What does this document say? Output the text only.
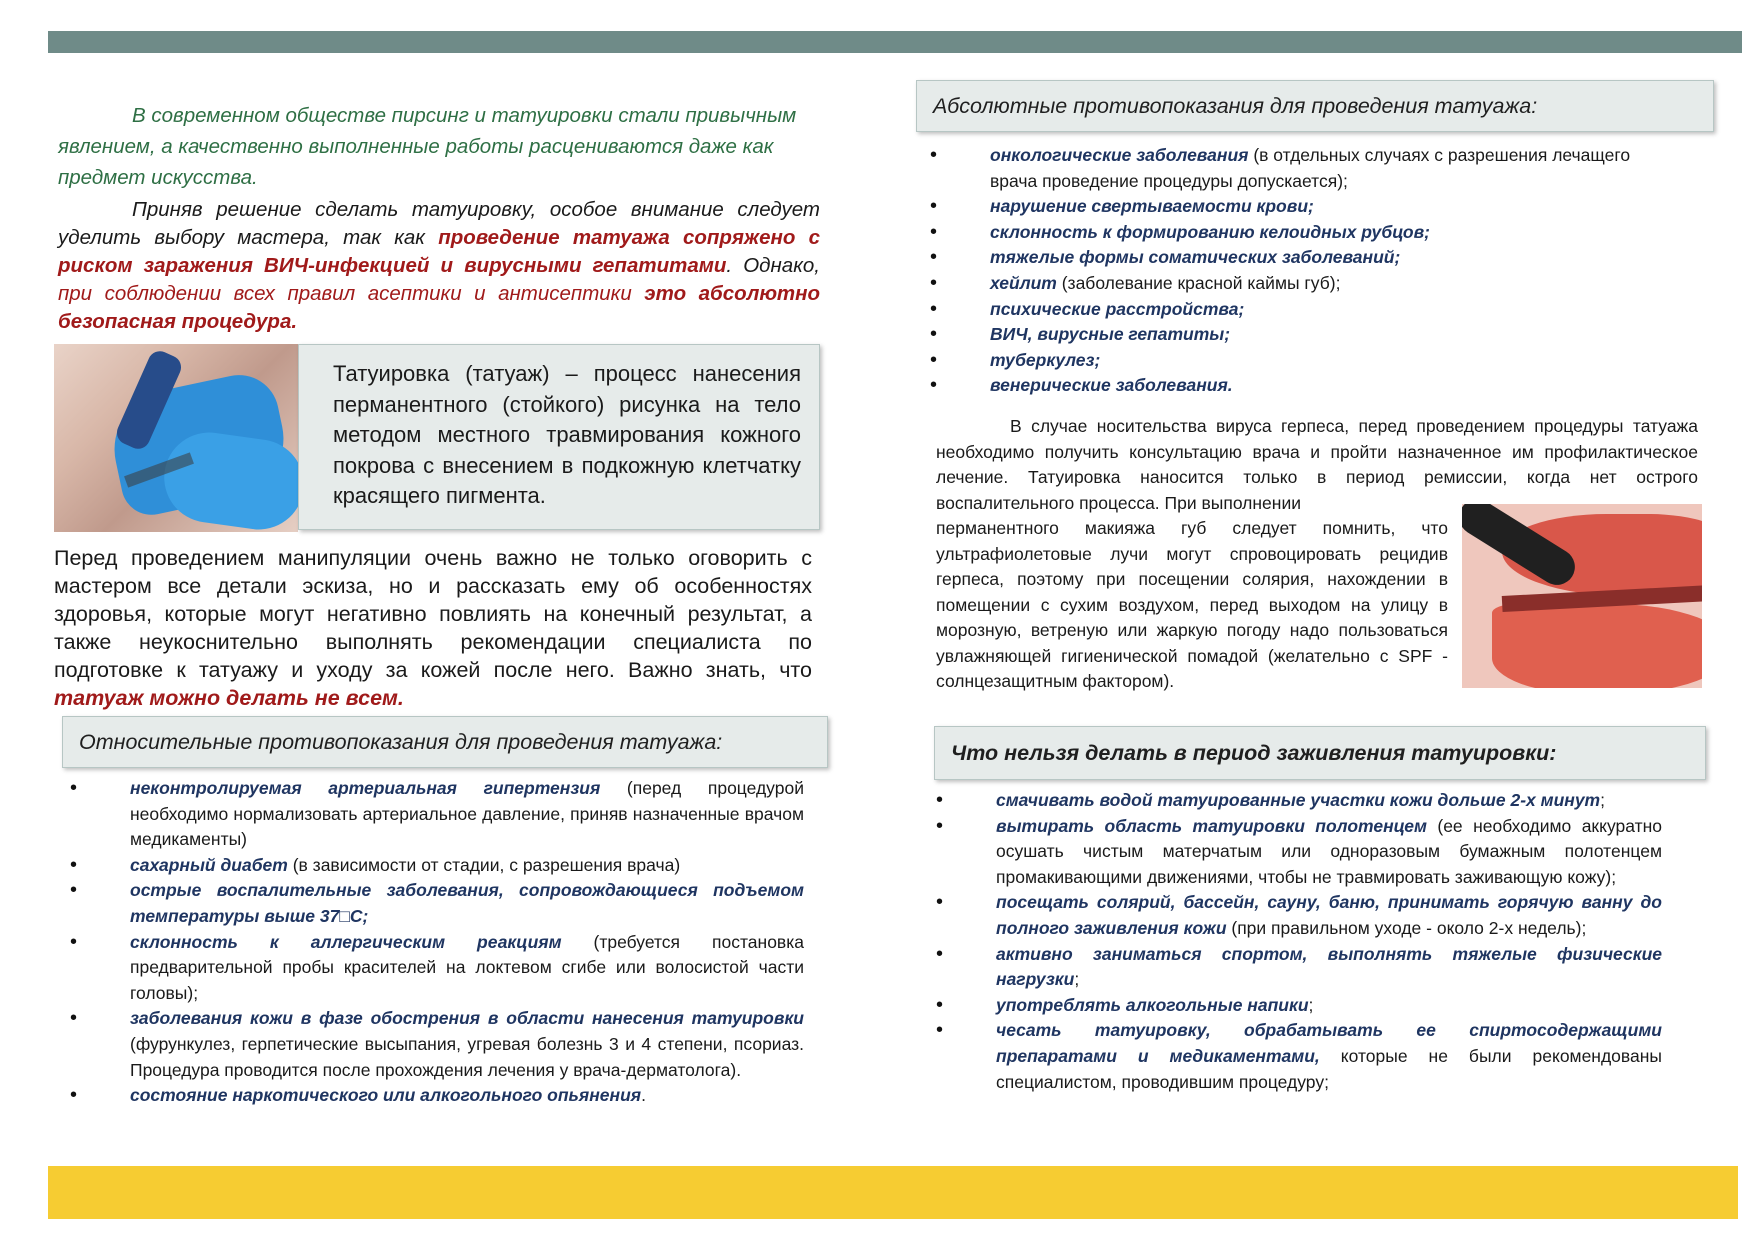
В современном обществе пирсинг и татуировки стали привычным явлением, а качественно выполненные работы расцениваются даже как предмет искусства.

Приняв решение сделать татуировку, особое внимание следует уделить выбору мастера, так как проведение татуажа сопряжено с риском заражения ВИЧ-инфекцией и вирусными гепатитами. Однако, при соблюдении всех правил асептики и антисептики это абсолютно безопасная процедура.

Татуировка (татуаж) – процесс нанесения перманентного (стойкого) рисунка на тело методом местного травмирования кожного покрова с внесением в подкожную клетчатку красящего пигмента.

Перед проведением манипуляции очень важно не только оговорить с мастером все детали эскиза, но и рассказать ему об особенностях здоровья, которые могут негативно повлиять на конечный результат, а также неукоснительно выполнять рекомендации специалиста по подготовке к татуажу и уходу за кожей после него. Важно знать, что татуаж можно делать не всем.

Относительные противопоказания для проведения татуажа:
• неконтролируемая артериальная гипертензия (перед процедурой необходимо нормализовать артериальное давление, приняв назначенные врачом медикаменты)
• сахарный диабет (в зависимости от стадии, с разрешения врача)
• острые воспалительные заболевания, сопровождающиеся подъемом температуры выше 37□С;
• склонность к аллергическим реакциям (требуется постановка предварительной пробы красителей на локтевом сгибе или волосистой части головы);
• заболевания кожи в фазе обострения в области нанесения татуировки (фурункулез, герпетические высыпания, угревая болезнь 3 и 4 степени, псориаз. Процедура проводится после прохождения лечения у врача-дерматолога).
• состояние наркотического или алкогольного опьянения.
Абсолютные противопоказания для проведения татуажа:
• онкологические заболевания (в отдельных случаях с разрешения лечащего врача проведение процедуры допускается);
• нарушение свертываемости крови;
• склонность к формированию келоидных рубцов;
• тяжелые формы соматических заболеваний;
• хейлит (заболевание красной каймы губ);
• психические расстройства;
• ВИЧ, вирусные гепатиты;
• туберкулез;
• венерические заболевания.

В случае носительства вируса герпеса, перед проведением процедуры татуажа необходимо получить консультацию врача и пройти назначенное им профилактическое лечение. Татуировка наносится только в период ремиссии, когда нет острого воспалительного процесса. При выполнении

перманентного макияжа губ следует помнить, что ультрафиолетовые лучи могут спровоцировать рецидив герпеса, поэтому при посещении солярия, нахождении в помещении с сухим воздухом, перед выходом на улицу в морозную, ветреную или жаркую погоду надо пользоваться увлажняющей гигиенической помадой (желательно с SPF - солнцезащитным фактором).

Что нельзя делать в период заживления татуировки:
• смачивать водой татуированные участки кожи дольше 2-х минут;
• вытирать область татуировки полотенцем (ее необходимо аккуратно осушать чистым матерчатым или одноразовым бумажным полотенцем промакивающими движениями, чтобы не травмировать заживающую кожу);
• посещать солярий, бассейн, сауну, баню, принимать горячую ванну до полного заживления кожи (при правильном уходе - около 2-х недель);
• активно заниматься спортом, выполнять тяжелые физические нагрузки;
• употреблять алкогольные напики;
• чесать татуировку, обрабатывать ее спиртосодержащими препаратами и медикаментами, которые не были рекомендованы специалистом, проводившим процедуру;
